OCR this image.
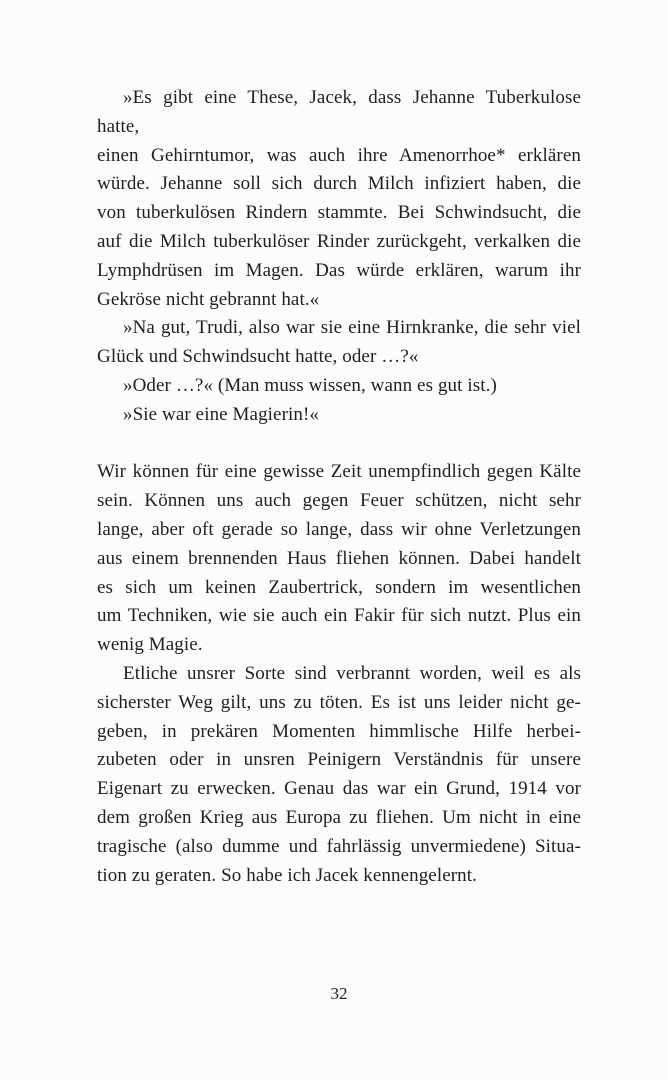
»Es gibt eine These, Jacek, dass Jehanne Tuberkulose hatte,
einen Gehirntumor, was auch ihre Amenorrhoe* erklären
würde. Jehanne soll sich durch Milch infiziert haben, die
von tuberkulösen Rindern stammte. Bei Schwindsucht, die
auf die Milch tuberkulöser Rinder zurückgeht, verkalken die
Lymphdrüsen im Magen. Das würde erklären, warum ihr
Gekröse nicht gebrannt hat.«

»Na gut, Trudi, also war sie eine Hirnkranke, die sehr viel
Glück und Schwindsucht hatte, oder …?«

»Oder …?« (Man muss wissen, wann es gut ist.)

»Sie war eine Magierin!«

Wir können für eine gewisse Zeit unempfindlich gegen Kälte
sein. Können uns auch gegen Feuer schützen, nicht sehr
lange, aber oft gerade so lange, dass wir ohne Verletzungen
aus einem brennenden Haus fliehen können. Dabei handelt
es sich um keinen Zaubertrick, sondern im wesentlichen
um Techniken, wie sie auch ein Fakir für sich nutzt. Plus ein
wenig Magie.

Etliche unsrer Sorte sind verbrannt worden, weil es als
sicherster Weg gilt, uns zu töten. Es ist uns leider nicht ge-
geben, in prekären Momenten himmlische Hilfe herbei-
zubeten oder in unsren Peinigern Verständnis für unsere
Eigenart zu erwecken. Genau das war ein Grund, 1914 vor
dem großen Krieg aus Europa zu fliehen. Um nicht in eine
tragische (also dumme und fahrlässig unvermiedene) Situa-
tion zu geraten. So habe ich Jacek kennengelernt.

32
